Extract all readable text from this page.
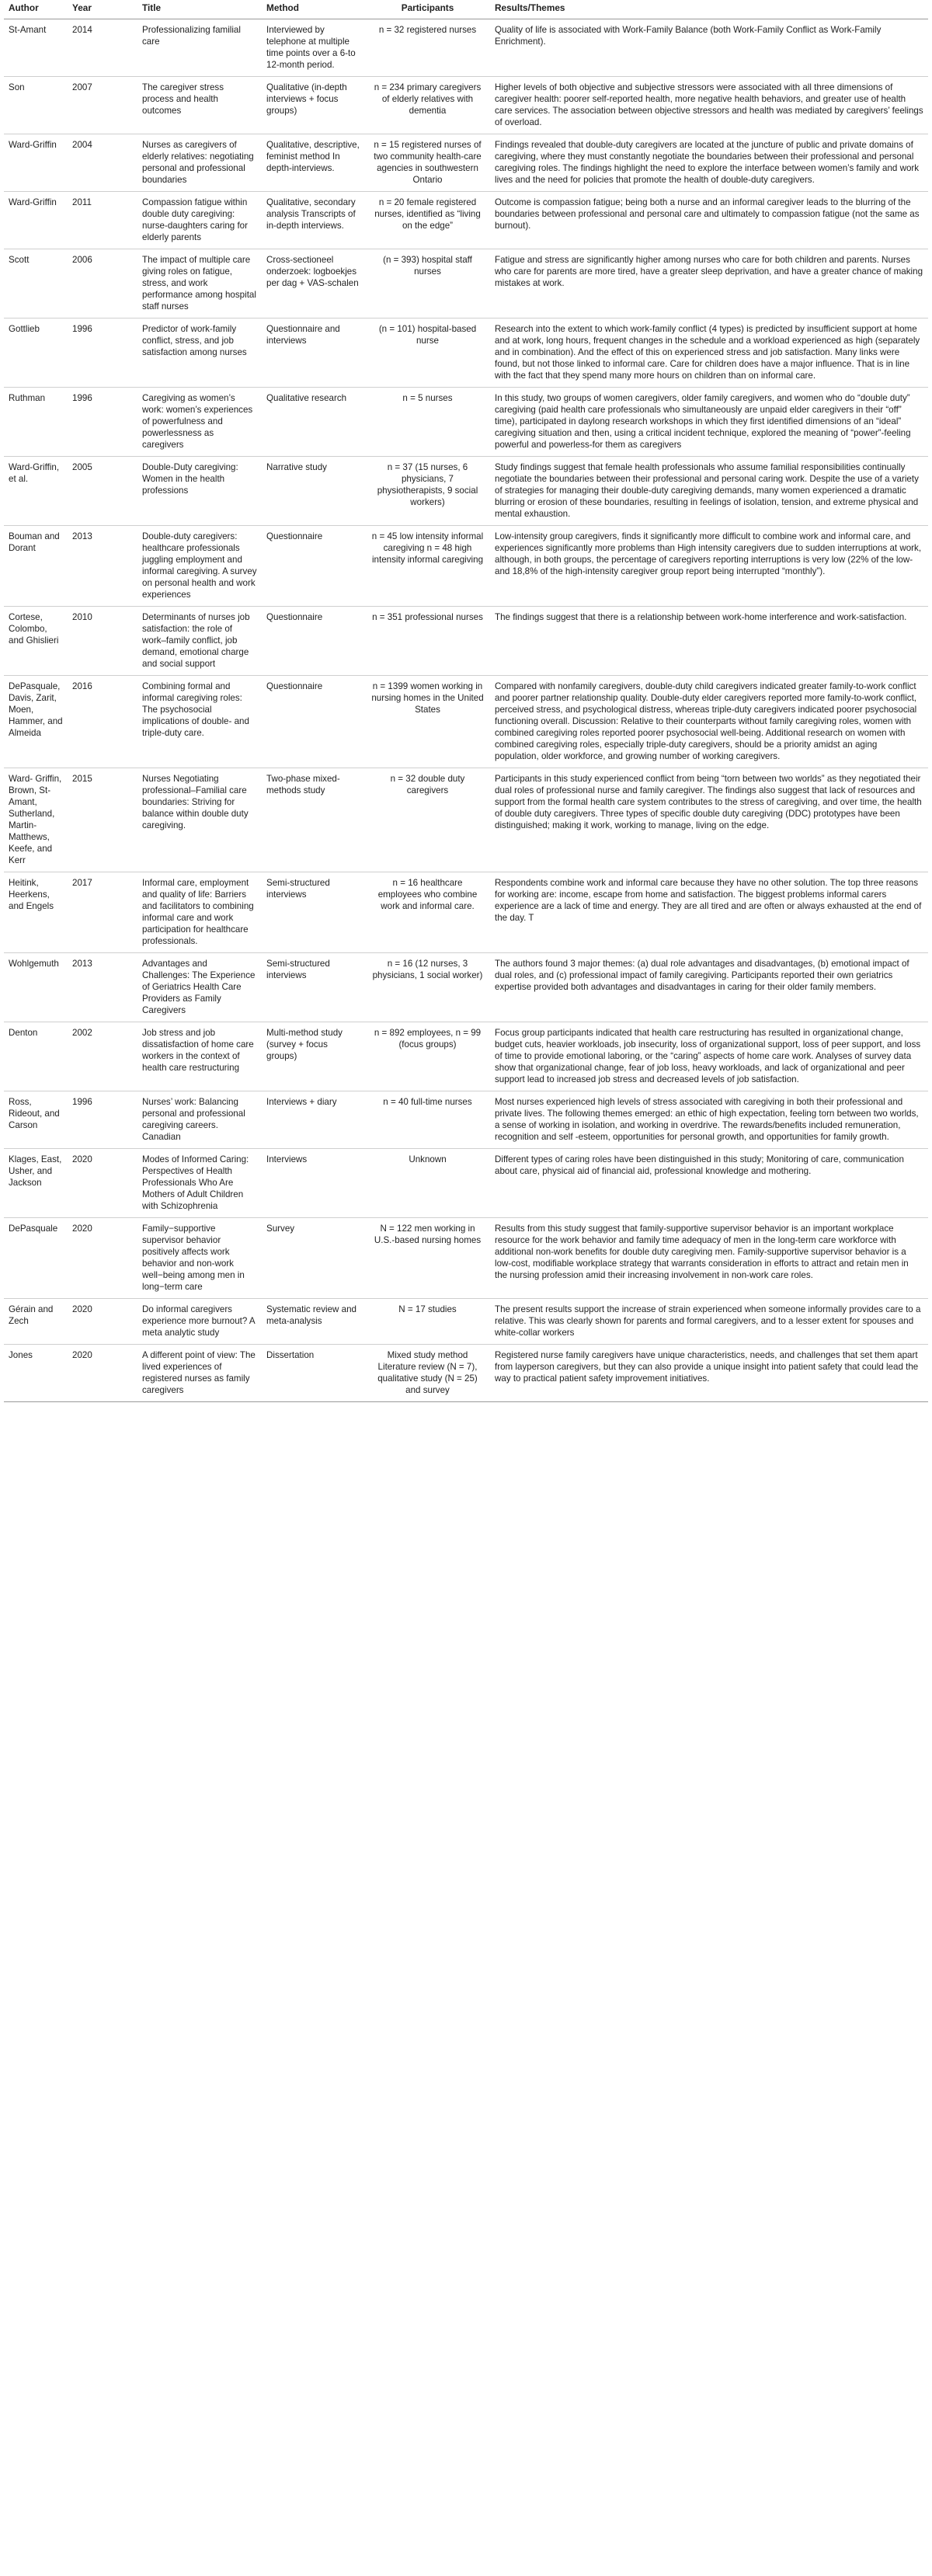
Author	Year	Title	Method	Participants	Results/Themes
St-Amant	2014	Professionalizing familial care	Interviewed by telephone at multiple time points over a 6-to 12-month period.	n = 32 registered nurses	Quality of life is associated with Work-Family Balance (both Work-Family Conflict as Work-Family Enrichment).
Son	2007	The caregiver stress process and health outcomes	Qualitative (in-depth interviews + focus groups)	n = 234 primary caregivers of elderly relatives with dementia	Higher levels of both objective and subjective stressors were associated with all three dimensions of caregiver health: poorer self-reported health, more negative health behaviors, and greater use of health care services. The association between objective stressors and health was mediated by caregivers’ feelings of overload.
Ward-Griffin	2004	Nurses as caregivers of elderly relatives: negotiating personal and professional boundaries	Qualitative, descriptive, feminist method In depth-interviews.	n = 15 registered nurses of two community health-care agencies in southwestern Ontario	Findings revealed that double-duty caregivers are located at the juncture of public and private domains of caregiving, where they must constantly negotiate the boundaries between their professional and personal caregiving roles. The findings highlight the need to explore the interface between women’s family and work lives and the need for policies that promote the health of double-duty caregivers.
Ward-Griffin	2011	Compassion fatigue within double duty caregiving: nurse-daughters caring for elderly parents	Qualitative, secondary analysis Transcripts of in-depth interviews.	n = 20 female registered nurses, identified as “living on the edge”	Outcome is compassion fatigue; being both a nurse and an informal caregiver leads to the blurring of the boundaries between professional and personal care and ultimately to compassion fatigue (not the same as burnout).
Scott	2006	The impact of multiple care giving roles on fatigue, stress, and work performance among hospital staff nurses	Cross-sectioneel onderzoek: logboekjes per dag + VAS-schalen	(n = 393) hospital staff nurses	Fatigue and stress are significantly higher among nurses who care for both children and parents. Nurses who care for parents are more tired, have a greater sleep deprivation, and have a greater chance of making mistakes at work.
Gottlieb	1996	Predictor of work-family conflict, stress, and job satisfaction among nurses	Questionnaire and interviews	(n = 101) hospital-based nurse	Research into the extent to which work-family conflict (4 types) is predicted by insufficient support at home and at work, long hours, frequent changes in the schedule and a workload experienced as high (separately and in combination). And the effect of this on experienced stress and job satisfaction. Many links were found, but not those linked to informal care. Care for children does have a major influence. That is in line with the fact that they spend many more hours on children than on informal care.
Ruthman	1996	Caregiving as women’s work: women’s experiences of powerfulness and powerlessness as caregivers	Qualitative research	n = 5 nurses	In this study, two groups of women caregivers, older family caregivers, and women who do “double duty” caregiving (paid health care professionals who simultaneously are unpaid elder caregivers in their “off” time), participated in daylong research workshops in which they first identified dimensions of an “ideal” caregiving situation and then, using a critical incident technique, explored the meaning of “power”-feeling powerful and powerless-for them as caregivers
Ward-Griffin, et al.	2005	Double-Duty caregiving: Women in the health professions	Narrative study	n = 37 (15 nurses, 6 physicians, 7 physiotherapists, 9 social workers)	Study findings suggest that female health professionals who assume familial responsibilities continually negotiate the boundaries between their professional and personal caring work. Despite the use of a variety of strategies for managing their double-duty caregiving demands, many women experienced a dramatic blurring or erosion of these boundaries, resulting in feelings of isolation, tension, and extreme physical and mental exhaustion.
Bouman and Dorant	2013	Double-duty caregivers: healthcare professionals juggling employment and informal caregiving. A survey on personal health and work experiences	Questionnaire	n = 45 low intensity informal caregiving n = 48 high intensity informal caregiving	Low-intensity group caregivers, finds it significantly more difficult to combine work and informal care, and experiences significantly more problems than High intensity caregivers due to sudden interruptions at work, although, in both groups, the percentage of caregivers reporting interruptions is very low (22% of the low- and 18,8% of the high-intensity caregiver group report being interrupted “monthly”).
Cortese, Colombo, and Ghislieri	2010	Determinants of nurses job satisfaction: the role of work–family conflict, job demand, emotional charge and social support	Questionnaire	n = 351 professional nurses	The findings suggest that there is a relationship between work-home interference and work-satisfaction.
DePasquale, Davis, Zarit, Moen, Hammer, and Almeida	2016	Combining formal and informal caregiving roles: The psychosocial implications of double- and triple-duty care.	Questionnaire	n = 1399 women working in nursing homes in the United States	Compared with nonfamily caregivers, double-duty child caregivers indicated greater family-to-work conflict and poorer partner relationship quality. Double-duty elder caregivers reported more family-to-work conflict, perceived stress, and psychological distress, whereas triple-duty caregivers indicated poorer psychosocial functioning overall. Discussion: Relative to their counterparts without family caregiving roles, women with combined caregiving roles reported poorer psychosocial well-being. Additional research on women with combined caregiving roles, especially triple-duty caregivers, should be a priority amidst an aging population, older workforce, and growing number of working caregivers.
Ward- Griffin, Brown, St-Amant, Sutherland, Martin-Matthews, Keefe, and Kerr	2015	Nurses Negotiating professional–Familial care boundaries: Striving for balance within double duty caregiving.	Two-phase mixed-methods study	n = 32 double duty caregivers	Participants in this study experienced conflict from being “torn between two worlds” as they negotiated their dual roles of professional nurse and family caregiver. The findings also suggest that lack of resources and support from the formal health care system contributes to the stress of caregiving, and over time, the health of double duty caregivers. Three types of specific double duty caregiving (DDC) prototypes have been distinguished; making it work, working to manage, living on the edge.
Heitink, Heerkens, and Engels	2017	Informal care, employment and quality of life: Barriers and facilitators to combining informal care and work participation for healthcare professionals.	Semi-structured interviews	n = 16 healthcare employees who combine work and informal care.	Respondents combine work and informal care because they have no other solution. The top three reasons for working are: income, escape from home and satisfaction. The biggest problems informal carers experience are a lack of time and energy. They are all tired and are often or always exhausted at the end of the day. T
Wohlgemuth	2013	Advantages and Challenges: The Experience of Geriatrics Health Care Providers as Family Caregivers	Semi-structured interviews	n = 16 (12 nurses, 3 physicians, 1 social worker)	The authors found 3 major themes: (a) dual role advantages and disadvantages, (b) emotional impact of dual roles, and (c) professional impact of family caregiving. Participants reported their own geriatrics expertise provided both advantages and disadvantages in caring for their older family members.
Denton	2002	Job stress and job dissatisfaction of home care workers in the context of health care restructuring	Multi-method study (survey + focus groups)	n = 892 employees, n = 99 (focus groups)	Focus group participants indicated that health care restructuring has resulted in organizational change, budget cuts, heavier workloads, job insecurity, loss of organizational support, loss of peer support, and loss of time to provide emotional laboring, or the “caring” aspects of home care work. Analyses of survey data show that organizational change, fear of job loss, heavy workloads, and lack of organizational and peer support lead to increased job stress and decreased levels of job satisfaction.
Ross, Rideout, and Carson	1996	Nurses’ work: Balancing personal and professional caregiving careers. Canadian	Interviews + diary	n = 40 full-time nurses	Most nurses experienced high levels of stress associated with caregiving in both their professional and private lives. The following themes emerged: an ethic of high expectation, feeling torn between two worlds, a sense of working in isolation, and working in overdrive. The rewards/benefits included remuneration, recognition and self -esteem, opportunities for personal growth, and opportunities for family growth.
Klages, East, Usher, and Jackson	2020	Modes of Informed Caring: Perspectives of Health Professionals Who Are Mothers of Adult Children with Schizophrenia	Interviews	Unknown	Different types of caring roles have been distinguished in this study; Monitoring of care, communication about care, physical aid of financial aid, professional knowledge and mothering.
DePasquale	2020	Family−supportive supervisor behavior positively affects work behavior and non-work well−being among men in long−term care	Survey	N = 122 men working in U.S.-based nursing homes	Results from this study suggest that family-supportive supervisor behavior is an important workplace resource for the work behavior and family time adequacy of men in the long-term care workforce with additional non-work benefits for double duty caregiving men. Family-supportive supervisor behavior is a low-cost, modifiable workplace strategy that warrants consideration in efforts to attract and retain men in the nursing profession amid their increasing involvement in non-work care roles.
Gérain and Zech	2020	Do informal caregivers experience more burnout? A meta analytic study	Systematic review and meta-analysis	N = 17 studies	The present results support the increase of strain experienced when someone informally provides care to a relative. This was clearly shown for parents and formal caregivers, and to a lesser extent for spouses and white-collar workers
Jones	2020	A different point of view: The lived experiences of registered nurses as family caregivers	Dissertation	Mixed study method Literature review (N = 7), qualitative study (N = 25) and survey	Registered nurse family caregivers have unique characteristics, needs, and challenges that set them apart from layperson caregivers, but they can also provide a unique insight into patient safety that could lead the way to practical patient safety improvement initiatives.
